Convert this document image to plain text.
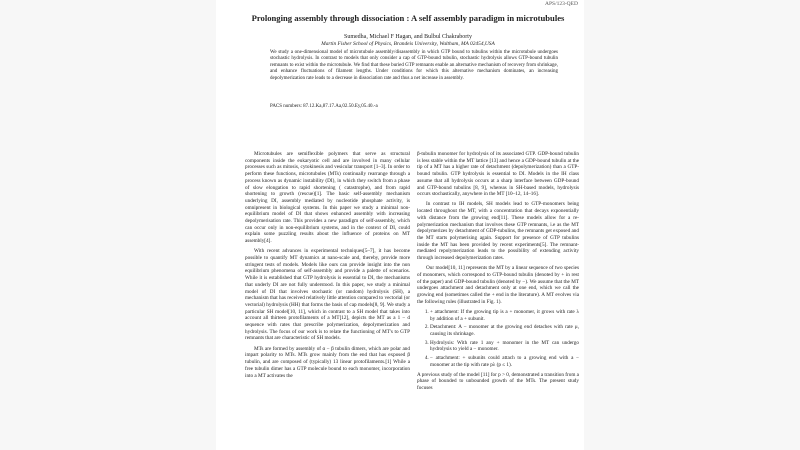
APS/123-QED
Prolonging assembly through dissociation : A self assembly paradigm in microtubules
Sumedha, Michael F Hagan, and Bulbul Chakraborty
Martin Fisher School of Physics, Brandeis University, Waltham, MA 02454,USA
We study a one-dimensional model of microtubule assembly/disassembly in which GTP bound to tubulins within the microtubule undergoes stochastic hydrolysis. In contrast to models that only consider a cap of GTP-bound tubulin, stochastic hydrolysis allows GTP-bound tubulin remnants to exist within the microtubule. We find that these buried GTP remnants enable an alternative mechanism of recovery from shrinkage, and enhance fluctuations of filament lengths. Under conditions for which this alternative mechanism dominates, an increasing depolymerization rate leads to a decrease in dissociation rate and thus a net increase in assembly.
PACS numbers: 87.12.Ka,87.17.Aa,02.50.Ey,05.40.-a

Microtubules are semiflexible polymers that serve as structural components inside the eukaryotic cell and are involved in many cellular processes such as mitosis, cytokinesis and vesicular transport [1–3]. In order to perform these functions, microtubules (MTs) continually rearrange through a process known as dynamic instability (DI), in which they switch from a phase of slow elongation to rapid shortening ( catastrophe), and from rapid shortening to growth (rescue)[1]. The basic self-assembly mechanism underlying DI, assembly mediated by nucleotide phosphate activity, is omnipresent in biological systems. In this paper we study a minimal non-equilibrium model of DI that shows enhanced assembly with increasing depolymerisation rate. This provides a new paradigm of self-assembly, which can occur only in non-equilibrium systems, and in the context of DI, could explain some puzzling results about the influence of proteins on MT assembly[4].

With recent advances in experimental techniques[5–7], it has become possible to quantify MT dynamics at nano-scale and, thereby, provide more stringent tests of models. Models like ours can provide insight into the non equilibrium phenomena of self-assembly and provide a palette of scenarios. While it is established that GTP hydrolysis is essential to DI, the mechanisms that underly DI are not fully understood. In this paper, we study a minimal model of DI that involves stochastic (or random) hydrolysis (SH), a mechanism that has received relatively little attention compared to vectorial (or vectorial) hydrolysis (HH) that forms the basis of cap models[8, 9]. We study a particular SH model[10, 11], which in contrast to a SH model that takes into account all thirteen protofilaments of a MT[12], depicts the MT as a 1 − d sequence with rates that prescribe polymerization, depolymerization and hydrolysis. The focus of our work is to relate the functioning of MT's to GTP remnants that are characteristic of SH models.

MTs are formed by assembly of α − β tubulin dimers, which are polar and impart polarity to MTs. MTs grow mainly from the end that has exposed β tubulin, and are composed of (typically) 13 linear protofilaments.[1] While a free tubulin dimer has a GTP molecule bound to each monomer, incorporation into a MT activates the

β-tubulin monomer for hydrolysis of its associated GTP. GDP-bound tubulin is less stable within the MT lattice [13] and hence a GDP-bound tubulin at the tip of a MT has a higher rate of detachment (depolymerization) than a GTP-bound tubulin. GTP hydrolysis is essential to DI. Models in the IH class assume that all hydrolysis occurs at a sharp interface between GDP-bound and GTP-bound tubulins [8, 9], whereas in SH-based models, hydrolysis occurs stochastically, anywhere in the MT [10–12, 14–16].

In contrast to IH models, SH models lead to GTP-monomers being located throughout the MT, with a concentration that decays exponentially with distance from the growing end[11]. These models allow for a re-polymerization mechanism that involves these GTP remnants, i.e as the MT depolymerizes by detachment of GDP-tubulins, the remnants get exposed and the MT starts polymerising again. Support for presence of GTP tubulins inside the MT has been provided by recent experiments[5]. The remnant-mediated repolymerization leads to the possibility of extending activity through increased depolymerization rates.

Our model[10, 11] represents the MT by a linear sequence of two species of monomers, which correspond to GTP-bound tubulin (denoted by + in rest of the paper) and GDP-bound tubulin (denoted by −). We assume that the MT undergoes attachment and detachment only at one end, which we call the growing end (sometimes called the + end in the literature). A MT evolves via the following rules (illustrated in Fig. 1).

1. + attachment: If the growing tip is a + monomer, it grows with rate λ by addition of a + subunit.
2. Detachment: A − monomer at the growing end detaches with rate μ, causing its shrinkage.
3. Hydrolysis: With rate 1 any + monomer in the MT can undergo hydrolysis to yield a − monomer.
4. − attachment: + subunits could attach to a growing end with a − monomer at the tip with rate pλ (p ≤ 1).

A previous study of the model [11] for p > 0, demonstrated a transition from a phase of bounded to unbounded growth of the MTs. The present study focuses
